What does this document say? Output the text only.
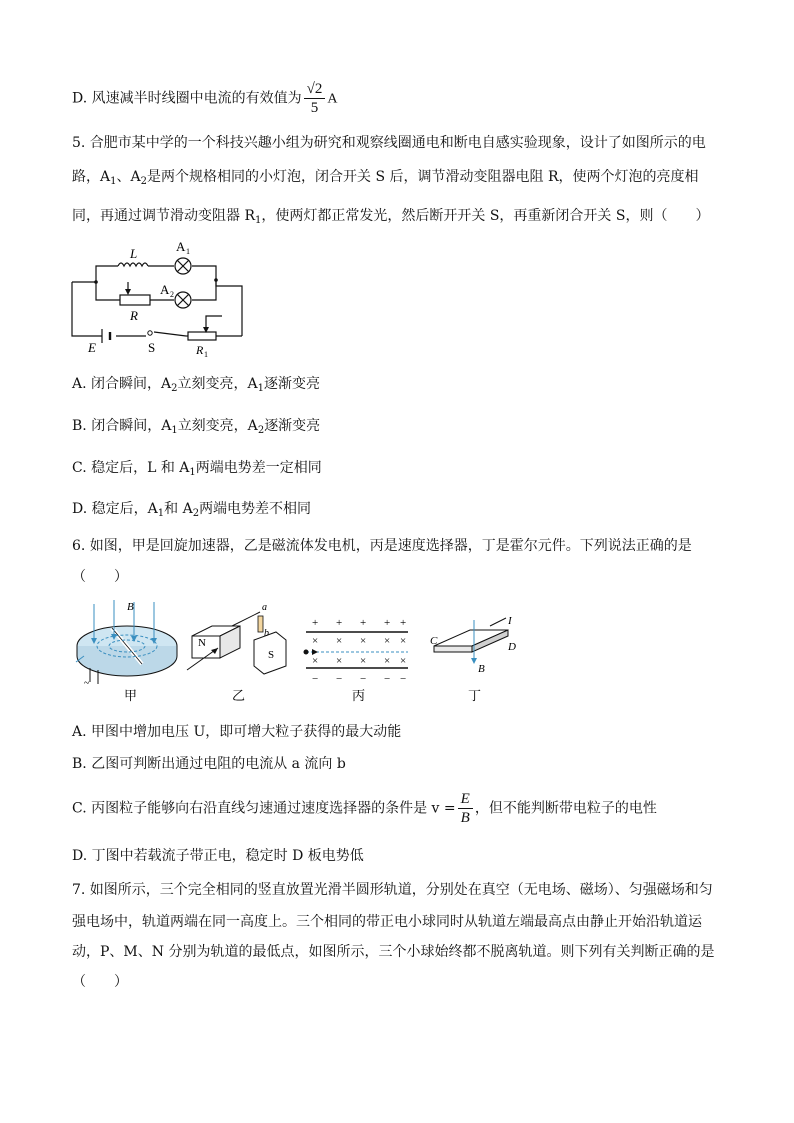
D. 风速减半时线圈中电流的有效值为 $\frac{√2}{5}$ A
5. 合肥市某中学的一个科技兴趣小组为研究和观察线圈通电和断电自感实验现象，设计了如图所示的电
路，$A_1$、$A_2$是两个规格相同的小灯泡，闭合开关 S 后，调节滑动变阻器电阻 R，使两个灯泡的亮度相
同，再通过调节滑动变阻器 $R_1$，使两灯都正常发光，然后断开开关 S，再重新闭合开关 S，则（　　）
L	A 1
A 2
R
E	S	R 1
A. 闭合瞬间，$A_2$立刻变亮，$A_1$逐渐变亮
B. 闭合瞬间，$A_1$立刻变亮，$A_2$逐渐变亮
C. 稳定后，L 和 $A_1$两端电势差一定相同
D. 稳定后，$A_1$和 $A_2$两端电势差不相同
6. 如图，甲是回旋加速器，乙是磁流体发电机，丙是速度选择器，丁是霍尔元件。下列说法正确的是
（　　）
B
~
N
S
a
b
+ + + + +
× × × × ×
× × × × ×
− − − − −
I
C	D
B
甲	乙	丙	丁
A. 甲图中增加电压 U，即可增大粒子获得的最大动能
B. 乙图可判断出通过电阻的电流从 a 流向 b
C. 丙图粒子能够向右沿直线匀速通过速度选择器的条件是 $v = \frac{E}{B}$ ，但不能判断带电粒子的电性
D. 丁图中若载流子带正电，稳定时 D 板电势低
7. 如图所示，三个完全相同的竖直放置光滑半圆形轨道，分别处在真空（无电场、磁场）、匀强磁场和匀
强电场中，轨道两端在同一高度上。三个相同的带正电小球同时从轨道左端最高点由静止开始沿轨道运
动，P、M、N 分别为轨道的最低点，如图所示，三个小球始终都不脱离轨道。则下列有关判断正确的是
（　　）
